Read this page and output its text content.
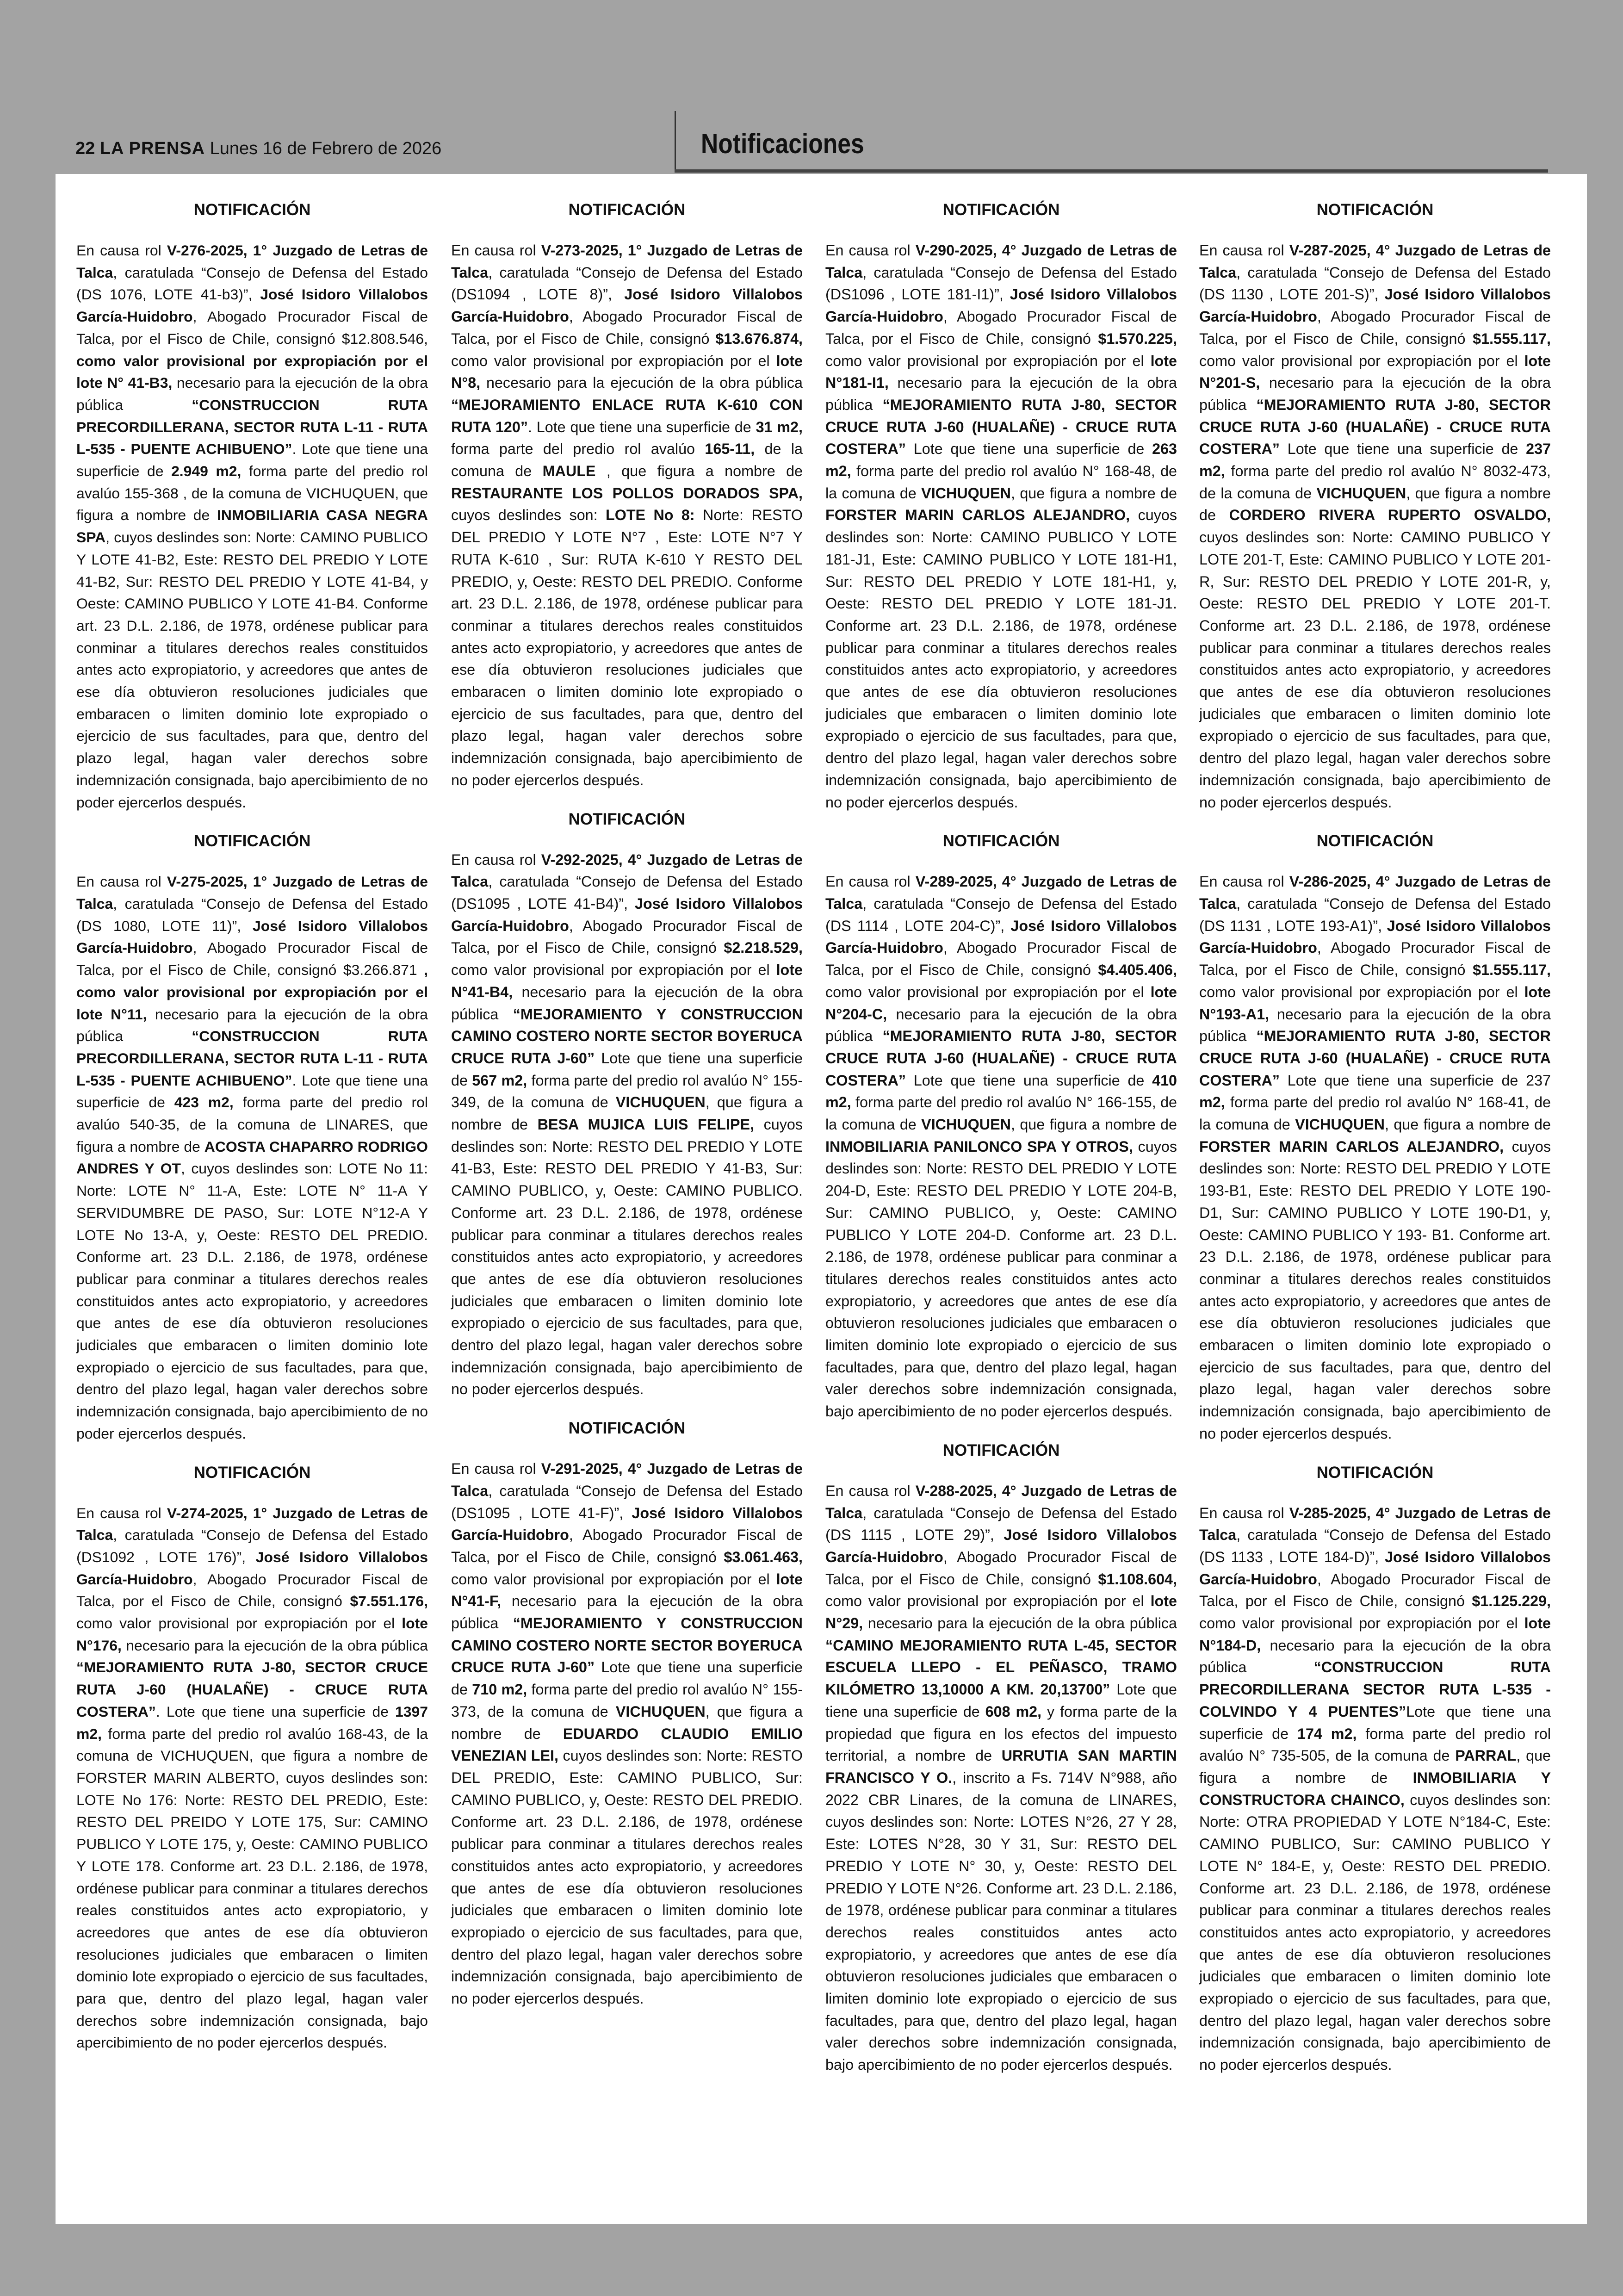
22 LA PRENSA Lunes 16 de Febrero de 2026	Notificaciones
NOTIFICACIÓN

En causa rol V-276-2025, 1° Juzgado de Letras de Talca, caratulada “Consejo de Defensa del Estado (DS 1076, LOTE 41-b3)”, José Isidoro Villalobos García-Huidobro, Abogado Procurador Fiscal de Talca, por el Fisco de Chile, consignó $12.808.546, como valor provisional por expropiación por el lote N° 41-B3, necesario para la ejecución de la obra pública “CONSTRUCCION RUTA PRECORDILLERANA, SECTOR RUTA L-11 - RUTA L-535 - PUENTE ACHIBUENO”. Lote que tiene una superficie de 2.949 m2, forma parte del predio rol avalúo 155-368 , de la comuna de VICHUQUEN, que figura a nombre de INMOBILIARIA CASA NEGRA SPA, cuyos deslindes son: Norte: CAMINO PUBLICO Y LOTE 41-B2, Este: RESTO DEL PREDIO Y LOTE 41-B2, Sur: RESTO DEL PREDIO Y LOTE 41-B4, y Oeste: CAMINO PUBLICO Y LOTE 41-B4. Conforme art. 23 D.L. 2.186, de 1978, ordénese publicar para conminar a titulares derechos reales constituidos antes acto expropiatorio, y acreedores que antes de ese día obtuvieron resoluciones judiciales que embaracen o limiten dominio lote expropiado o ejercicio de sus facultades, para que, dentro del plazo legal, hagan valer derechos sobre indemnización consignada, bajo apercibimiento de no poder ejercerlos después.

NOTIFICACIÓN

En causa rol V-275-2025, 1° Juzgado de Letras de Talca, caratulada “Consejo de Defensa del Estado (DS 1080, LOTE 11)”, José Isidoro Villalobos García-Huidobro, Abogado Procurador Fiscal de Talca, por el Fisco de Chile, consignó $3.266.871 , como valor provisional por expropiación por el lote N°11, necesario para la ejecución de la obra pública “CONSTRUCCION RUTA PRECORDILLERANA, SECTOR RUTA L-11 - RUTA L-535 - PUENTE ACHIBUENO”. Lote que tiene una superficie de 423 m2, forma parte del predio rol avalúo 540-35, de la comuna de LINARES, que figura a nombre de ACOSTA CHAPARRO RODRIGO ANDRES Y OT, cuyos deslindes son: LOTE No 11: Norte: LOTE N° 11-A, Este: LOTE N° 11-A Y SERVIDUMBRE DE PASO, Sur: LOTE N°12-A Y LOTE No 13-A, y, Oeste: RESTO DEL PREDIO. Conforme art. 23 D.L. 2.186, de 1978, ordénese publicar para conminar a titulares derechos reales constituidos antes acto expropiatorio, y acreedores que antes de ese día obtuvieron resoluciones judiciales que embaracen o limiten dominio lote expropiado o ejercicio de sus facultades, para que, dentro del plazo legal, hagan valer derechos sobre indemnización consignada, bajo apercibimiento de no poder ejercerlos después.

NOTIFICACIÓN

En causa rol V-274-2025, 1° Juzgado de Letras de Talca, caratulada “Consejo de Defensa del Estado (DS1092 , LOTE 176)”, José Isidoro Villalobos García-Huidobro, Abogado Procurador Fiscal de Talca, por el Fisco de Chile, consignó $7.551.176, como valor provisional por expropiación por el lote N°176, necesario para la ejecución de la obra pública “MEJORAMIENTO RUTA J-80, SECTOR CRUCE RUTA J-60 (HUALAÑE) - CRUCE RUTA COSTERA”. Lote que tiene una superficie de 1397 m2, forma parte del predio rol avalúo 168-43, de la comuna de VICHUQUEN, que figura a nombre de FORSTER MARIN ALBERTO, cuyos deslindes son: LOTE No 176: Norte: RESTO DEL PREDIO, Este: RESTO DEL PREIDO Y LOTE 175, Sur: CAMINO PUBLICO Y LOTE 175, y, Oeste: CAMINO PUBLICO Y LOTE 178. Conforme art. 23 D.L. 2.186, de 1978, ordénese publicar para conminar a titulares derechos reales constituidos antes acto expropiatorio, y acreedores que antes de ese día obtuvieron resoluciones judiciales que embaracen o limiten dominio lote expropiado o ejercicio de sus facultades, para que, dentro del plazo legal, hagan valer derechos sobre indemnización consignada, bajo apercibimiento de no poder ejercerlos después.

NOTIFICACIÓN

En causa rol V-273-2025, 1° Juzgado de Letras de Talca, caratulada “Consejo de Defensa del Estado (DS1094 , LOTE 8)”, José Isidoro Villalobos García-Huidobro, Abogado Procurador Fiscal de Talca, por el Fisco de Chile, consignó $13.676.874, como valor provisional por expropiación por el lote N°8, necesario para la ejecución de la obra pública “MEJORAMIENTO ENLACE RUTA K-610 CON RUTA 120”. Lote que tiene una superficie de 31 m2, forma parte del predio rol avalúo 165-11, de la comuna de MAULE , que figura a nombre de RESTAURANTE LOS POLLOS DORADOS SPA, cuyos deslindes son: LOTE No 8: Norte: RESTO DEL PREDIO Y LOTE N°7 , Este: LOTE N°7 Y RUTA K-610 , Sur: RUTA K-610 Y RESTO DEL PREDIO, y, Oeste: RESTO DEL PREDIO. Conforme art. 23 D.L. 2.186, de 1978, ordénese publicar para conminar a titulares derechos reales constituidos antes acto expropiatorio, y acreedores que antes de ese día obtuvieron resoluciones judiciales que embaracen o limiten dominio lote expropiado o ejercicio de sus facultades, para que, dentro del plazo legal, hagan valer derechos sobre indemnización consignada, bajo apercibimiento de no poder ejercerlos después.

NOTIFICACIÓN

En causa rol V-292-2025, 4° Juzgado de Letras de Talca, caratulada “Consejo de Defensa del Estado (DS1095 , LOTE 41-B4)”, José Isidoro Villalobos García-Huidobro, Abogado Procurador Fiscal de Talca, por el Fisco de Chile, consignó $2.218.529, como valor provisional por expropiación por el lote N°41-B4, necesario para la ejecución de la obra pública “MEJORAMIENTO Y CONSTRUCCION CAMINO COSTERO NORTE SECTOR BOYERUCA CRUCE RUTA J-60” Lote que tiene una superficie de 567 m2, forma parte del predio rol avalúo N° 155-349, de la comuna de VICHUQUEN, que figura a nombre de BESA MUJICA LUIS FELIPE, cuyos deslindes son: Norte: RESTO DEL PREDIO Y LOTE 41-B3, Este: RESTO DEL PREDIO Y 41-B3, Sur: CAMINO PUBLICO, y, Oeste: CAMINO PUBLICO. Conforme art. 23 D.L. 2.186, de 1978, ordénese publicar para conminar a titulares derechos reales constituidos antes acto expropiatorio, y acreedores que antes de ese día obtuvieron resoluciones judiciales que embaracen o limiten dominio lote expropiado o ejercicio de sus facultades, para que, dentro del plazo legal, hagan valer derechos sobre indemnización consignada, bajo apercibimiento de no poder ejercerlos después.

NOTIFICACIÓN

En causa rol V-291-2025, 4° Juzgado de Letras de Talca, caratulada “Consejo de Defensa del Estado (DS1095 , LOTE 41-F)”, José Isidoro Villalobos García-Huidobro, Abogado Procurador Fiscal de Talca, por el Fisco de Chile, consignó $3.061.463, como valor provisional por expropiación por el lote N°41-F, necesario para la ejecución de la obra pública “MEJORAMIENTO Y CONSTRUCCION CAMINO COSTERO NORTE SECTOR BOYERUCA CRUCE RUTA J-60” Lote que tiene una superficie de 710 m2, forma parte del predio rol avalúo N° 155-373, de la comuna de VICHUQUEN, que figura a nombre de EDUARDO CLAUDIO EMILIO VENEZIAN LEI, cuyos deslindes son: Norte: RESTO DEL PREDIO, Este: CAMINO PUBLICO, Sur: CAMINO PUBLICO, y, Oeste: RESTO DEL PREDIO. Conforme art. 23 D.L. 2.186, de 1978, ordénese publicar para conminar a titulares derechos reales constituidos antes acto expropiatorio, y acreedores que antes de ese día obtuvieron resoluciones judiciales que embaracen o limiten dominio lote expropiado o ejercicio de sus facultades, para que, dentro del plazo legal, hagan valer derechos sobre indemnización consignada, bajo apercibimiento de no poder ejercerlos después.

NOTIFICACIÓN

En causa rol V-290-2025, 4° Juzgado de Letras de Talca, caratulada “Consejo de Defensa del Estado (DS1096 , LOTE 181-I1)”, José Isidoro Villalobos García-Huidobro, Abogado Procurador Fiscal de Talca, por el Fisco de Chile, consignó $1.570.225, como valor provisional por expropiación por el lote N°181-I1, necesario para la ejecución de la obra pública “MEJORAMIENTO RUTA J-80, SECTOR CRUCE RUTA J-60 (HUALAÑE) - CRUCE RUTA COSTERA” Lote que tiene una superficie de 263 m2, forma parte del predio rol avalúo N° 168-48, de la comuna de VICHUQUEN, que figura a nombre de FORSTER MARIN CARLOS ALEJANDRO, cuyos deslindes son: Norte: CAMINO PUBLICO Y LOTE 181-J1, Este: CAMINO PUBLICO Y LOTE 181-H1, Sur: RESTO DEL PREDIO Y LOTE 181-H1, y, Oeste: RESTO DEL PREDIO Y LOTE 181-J1. Conforme art. 23 D.L. 2.186, de 1978, ordénese publicar para conminar a titulares derechos reales constituidos antes acto expropiatorio, y acreedores que antes de ese día obtuvieron resoluciones judiciales que embaracen o limiten dominio lote expropiado o ejercicio de sus facultades, para que, dentro del plazo legal, hagan valer derechos sobre indemnización consignada, bajo apercibimiento de no poder ejercerlos después.

NOTIFICACIÓN

En causa rol V-289-2025, 4° Juzgado de Letras de Talca, caratulada “Consejo de Defensa del Estado (DS 1114 , LOTE 204-C)”, José Isidoro Villalobos García-Huidobro, Abogado Procurador Fiscal de Talca, por el Fisco de Chile, consignó $4.405.406, como valor provisional por expropiación por el lote N°204-C, necesario para la ejecución de la obra pública “MEJORAMIENTO RUTA J-80, SECTOR CRUCE RUTA J-60 (HUALAÑE) - CRUCE RUTA COSTERA” Lote que tiene una superficie de 410 m2, forma parte del predio rol avalúo N° 166-155, de la comuna de VICHUQUEN, que figura a nombre de INMOBILIARIA PANILONCO SPA Y OTROS, cuyos deslindes son: Norte: RESTO DEL PREDIO Y LOTE 204-D, Este: RESTO DEL PREDIO Y LOTE 204-B, Sur: CAMINO PUBLICO, y, Oeste: CAMINO PUBLICO Y LOTE 204-D. Conforme art. 23 D.L. 2.186, de 1978, ordénese publicar para conminar a titulares derechos reales constituidos antes acto expropiatorio, y acreedores que antes de ese día obtuvieron resoluciones judiciales que embaracen o limiten dominio lote expropiado o ejercicio de sus facultades, para que, dentro del plazo legal, hagan valer derechos sobre indemnización consignada, bajo apercibimiento de no poder ejercerlos después.

NOTIFICACIÓN

En causa rol V-288-2025, 4° Juzgado de Letras de Talca, caratulada “Consejo de Defensa del Estado (DS 1115 , LOTE 29)”, José Isidoro Villalobos García-Huidobro, Abogado Procurador Fiscal de Talca, por el Fisco de Chile, consignó $1.108.604, como valor provisional por expropiación por el lote N°29, necesario para la ejecución de la obra pública “CAMINO MEJORAMIENTO RUTA L-45, SECTOR ESCUELA LLEPO - EL PEÑASCO, TRAMO KILÓMETRO 13,10000 A KM. 20,13700” Lote que tiene una superficie de 608 m2, y forma parte de la propiedad que figura en los efectos del impuesto territorial, a nombre de URRUTIA SAN MARTIN FRANCISCO Y O., inscrito a Fs. 714V N°988, año 2022 CBR Linares, de la comuna de LINARES, cuyos deslindes son: Norte: LOTES N°26, 27 Y 28, Este: LOTES N°28, 30 Y 31, Sur: RESTO DEL PREDIO Y LOTE N° 30, y, Oeste: RESTO DEL PREDIO Y LOTE N°26. Conforme art. 23 D.L. 2.186, de 1978, ordénese publicar para conminar a titulares derechos reales constituidos antes acto expropiatorio, y acreedores que antes de ese día obtuvieron resoluciones judiciales que embaracen o limiten dominio lote expropiado o ejercicio de sus facultades, para que, dentro del plazo legal, hagan valer derechos sobre indemnización consignada, bajo apercibimiento de no poder ejercerlos después.

NOTIFICACIÓN

En causa rol V-287-2025, 4° Juzgado de Letras de Talca, caratulada “Consejo de Defensa del Estado (DS 1130 , LOTE 201-S)”, José Isidoro Villalobos García-Huidobro, Abogado Procurador Fiscal de Talca, por el Fisco de Chile, consignó $1.555.117, como valor provisional por expropiación por el lote N°201-S, necesario para la ejecución de la obra pública “MEJORAMIENTO RUTA J-80, SECTOR CRUCE RUTA J-60 (HUALAÑE) - CRUCE RUTA COSTERA” Lote que tiene una superficie de 237 m2, forma parte del predio rol avalúo N° 8032-473, de la comuna de VICHUQUEN, que figura a nombre de CORDERO RIVERA RUPERTO OSVALDO, cuyos deslindes son: Norte: CAMINO PUBLICO Y LOTE 201-T, Este: CAMINO PUBLICO Y LOTE 201-R, Sur: RESTO DEL PREDIO Y LOTE 201-R, y, Oeste: RESTO DEL PREDIO Y LOTE 201-T. Conforme art. 23 D.L. 2.186, de 1978, ordénese publicar para conminar a titulares derechos reales constituidos antes acto expropiatorio, y acreedores que antes de ese día obtuvieron resoluciones judiciales que embaracen o limiten dominio lote expropiado o ejercicio de sus facultades, para que, dentro del plazo legal, hagan valer derechos sobre indemnización consignada, bajo apercibimiento de no poder ejercerlos después.

NOTIFICACIÓN

En causa rol V-286-2025, 4° Juzgado de Letras de Talca, caratulada “Consejo de Defensa del Estado (DS 1131 , LOTE 193-A1)”, José Isidoro Villalobos García-Huidobro, Abogado Procurador Fiscal de Talca, por el Fisco de Chile, consignó $1.555.117, como valor provisional por expropiación por el lote N°193-A1, necesario para la ejecución de la obra pública “MEJORAMIENTO RUTA J-80, SECTOR CRUCE RUTA J-60 (HUALAÑE) - CRUCE RUTA COSTERA” Lote que tiene una superficie de 237 m2, forma parte del predio rol avalúo N° 168-41, de la comuna de VICHUQUEN, que figura a nombre de FORSTER MARIN CARLOS ALEJANDRO, cuyos deslindes son: Norte: RESTO DEL PREDIO Y LOTE 193-B1, Este: RESTO DEL PREDIO Y LOTE 190-D1, Sur: CAMINO PUBLICO Y LOTE 190-D1, y, Oeste: CAMINO PUBLICO Y 193- B1. Conforme art. 23 D.L. 2.186, de 1978, ordénese publicar para conminar a titulares derechos reales constituidos antes acto expropiatorio, y acreedores que antes de ese día obtuvieron resoluciones judiciales que embaracen o limiten dominio lote expropiado o ejercicio de sus facultades, para que, dentro del plazo legal, hagan valer derechos sobre indemnización consignada, bajo apercibimiento de no poder ejercerlos después.

NOTIFICACIÓN

En causa rol V-285-2025, 4° Juzgado de Letras de Talca, caratulada “Consejo de Defensa del Estado (DS 1133 , LOTE 184-D)”, José Isidoro Villalobos García-Huidobro, Abogado Procurador Fiscal de Talca, por el Fisco de Chile, consignó $1.125.229, como valor provisional por expropiación por el lote N°184-D, necesario para la ejecución de la obra pública “CONSTRUCCION RUTA PRECORDILLERANA SECTOR RUTA L-535 - COLVINDO Y 4 PUENTES”Lote que tiene una superficie de 174 m2, forma parte del predio rol avalúo N° 735-505, de la comuna de PARRAL, que figura a nombre de INMOBILIARIA Y CONSTRUCTORA CHAINCO, cuyos deslindes son: Norte: OTRA PROPIEDAD Y LOTE N°184-C, Este: CAMINO PUBLICO, Sur: CAMINO PUBLICO Y LOTE N° 184-E, y, Oeste: RESTO DEL PREDIO. Conforme art. 23 D.L. 2.186, de 1978, ordénese publicar para conminar a titulares derechos reales constituidos antes acto expropiatorio, y acreedores que antes de ese día obtuvieron resoluciones judiciales que embaracen o limiten dominio lote expropiado o ejercicio de sus facultades, para que, dentro del plazo legal, hagan valer derechos sobre indemnización consignada, bajo apercibimiento de no poder ejercerlos después.
